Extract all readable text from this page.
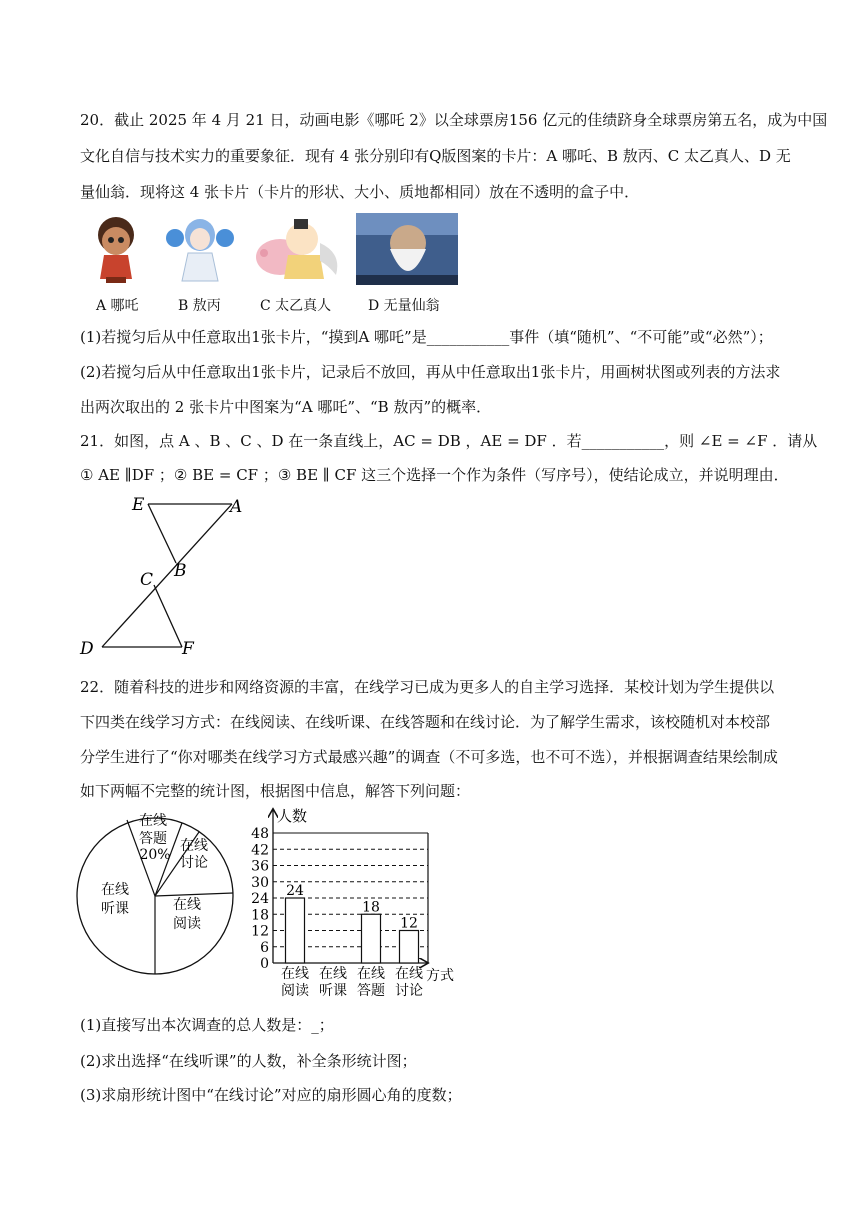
20．截止 2025 年 4 月 21 日，动画电影《哪吒 2》以全球票房156 亿元的佳绩跻身全球票房第五名，成为中国
文化自信与技术实力的重要象征．现有 4 张分别印有Q版图案的卡片：A 哪吒、B 敖丙、C 太乙真人、D 无
量仙翁．现将这 4 张卡片（卡片的形状、大小、质地都相同）放在不透明的盒子中．
A 哪吒	B 敖丙	C 太乙真人	D 无量仙翁
(1)若搅匀后从中任意取出1张卡片，“摸到A 哪吒”是___________事件（填“随机”、“不可能”或“必然”）；
(2)若搅匀后从中任意取出1张卡片，记录后不放回，再从中任意取出1张卡片，用画树状图或列表的方法求
出两次取出的 2 张卡片中图案为“A 哪吒”、“B 敖丙”的概率．
21．如图，点 A 、B 、C 、D 在一条直线上，AC = DB ，AE = DF ．若___________，则 ∠E = ∠F ．请从
① AE ∥DF ；② BE = CF ；③ BE ∥ CF 这三个选择一个作为条件（写序号），使结论成立，并说明理由．
E	A
B
C
D	F
22．随着科技的进步和网络资源的丰富，在线学习已成为更多人的自主学习选择．某校计划为学生提供以
下四类在线学习方式：在线阅读、在线听课、在线答题和在线讨论．为了解学生需求，该校随机对本校部
分学生进行了“你对哪类在线学习方式最感兴趣”的调查（不可多选，也不可不选），并根据调查结果绘制成
如下两幅不完整的统计图，根据图中信息，解答下列问题：
在线
答题
20%
在线
讨论
在线
阅读
在线
听课
人数
方式
0
6
12
18
24
30
36
42
48
24
18
12
在线
阅读
在线
听课
在线
答题
在线
讨论
(1)直接写出本次调查的总人数是：_；
(2)求出选择“在线听课”的人数，补全条形统计图；
(3)求扇形统计图中“在线讨论”对应的扇形圆心角的度数；
